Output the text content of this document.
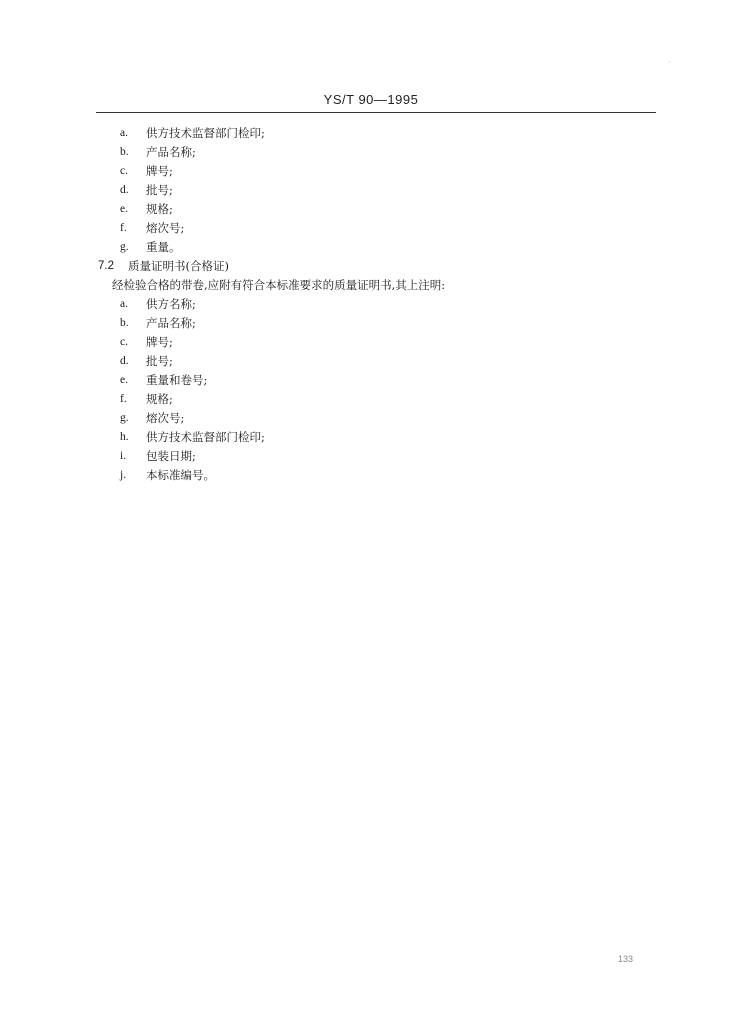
·
YS/T 90—1995
a.	供方技术监督部门检印;
b.	产品名称;
c.	牌号;
d.	批号;
e.	规格;
f.	熔次号;
g.	重量。
7.2 质量证明书(合格证)
经检验合格的带卷,应附有符合本标准要求的质量证明书,其上注明:
a.	供方名称;
b.	产品名称;
c.	牌号;
d.	批号;
e.	重量和卷号;
f.	规格;
g.	熔次号;
h.	供方技术监督部门检印;
i.	包装日期;
j.	本标准编号。
133
